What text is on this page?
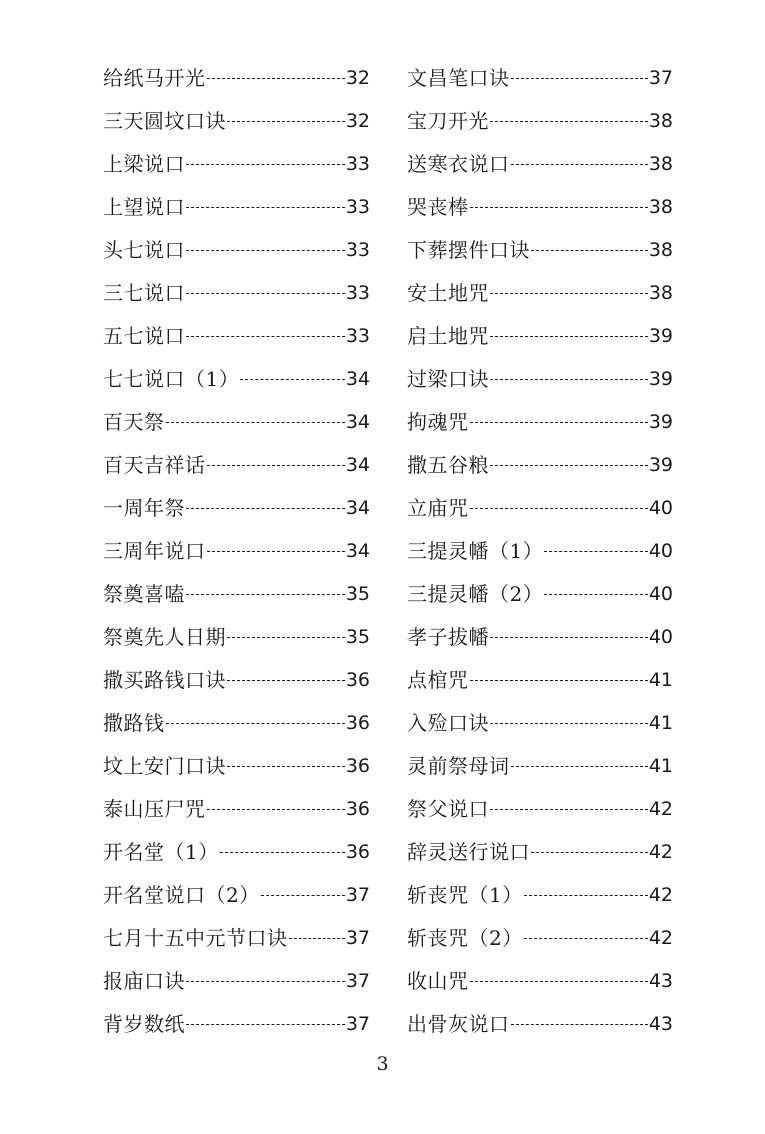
给纸马开光	32
三天圆坟口诀	32
上梁说口	33
上望说口	33
头七说口	33
三七说口	33
五七说口	33
七七说口（1）	34
百天祭	34
百天吉祥话	34
一周年祭	34
三周年说口	34
祭奠喜嗑	35
祭奠先人日期	35
撒买路钱口诀	36
撒路钱	36
坟上安门口诀	36
泰山压尸咒	36
开名堂（1）	36
开名堂说口（2）	37
七月十五中元节口诀	37
报庙口诀	37
背岁数纸	37
文昌笔口诀	37
宝刀开光	38
送寒衣说口	38
哭丧棒	38
下葬摆件口诀	38
安土地咒	38
启土地咒	39
过梁口诀	39
拘魂咒	39
撒五谷粮	39
立庙咒	40
三提灵幡（1）	40
三提灵幡（2）	40
孝子拔幡	40
点棺咒	41
入殓口诀	41
灵前祭母词	41
祭父说口	42
辞灵送行说口	42
斩丧咒（1）	42
斩丧咒（2）	42
收山咒	43
出骨灰说口	43
3
